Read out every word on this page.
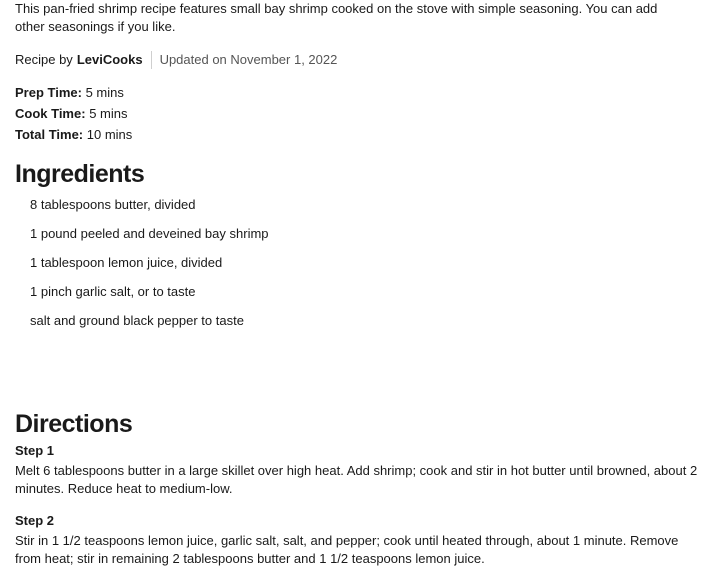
This pan-fried shrimp recipe features small bay shrimp cooked on the stove with simple seasoning. You can add other seasonings if you like.

Recipe by LeviCooks Updated on November 1, 2022
Prep Time: 5 mins
Cook Time: 5 mins
Total Time: 10 mins
Ingredients
8 tablespoons butter, divided
1 pound peeled and deveined bay shrimp
1 tablespoon lemon juice, divided
1 pinch garlic salt, or to taste
salt and ground black pepper to taste
Directions
Step 1
Melt 6 tablespoons butter in a large skillet over high heat. Add shrimp; cook and stir in hot butter until browned, about 2 minutes. Reduce heat to medium-low.
Step 2
Stir in 1 1/2 teaspoons lemon juice, garlic salt, salt, and pepper; cook until heated through, about 1 minute. Remove from heat; stir in remaining 2 tablespoons butter and 1 1/2 teaspoons lemon juice.
